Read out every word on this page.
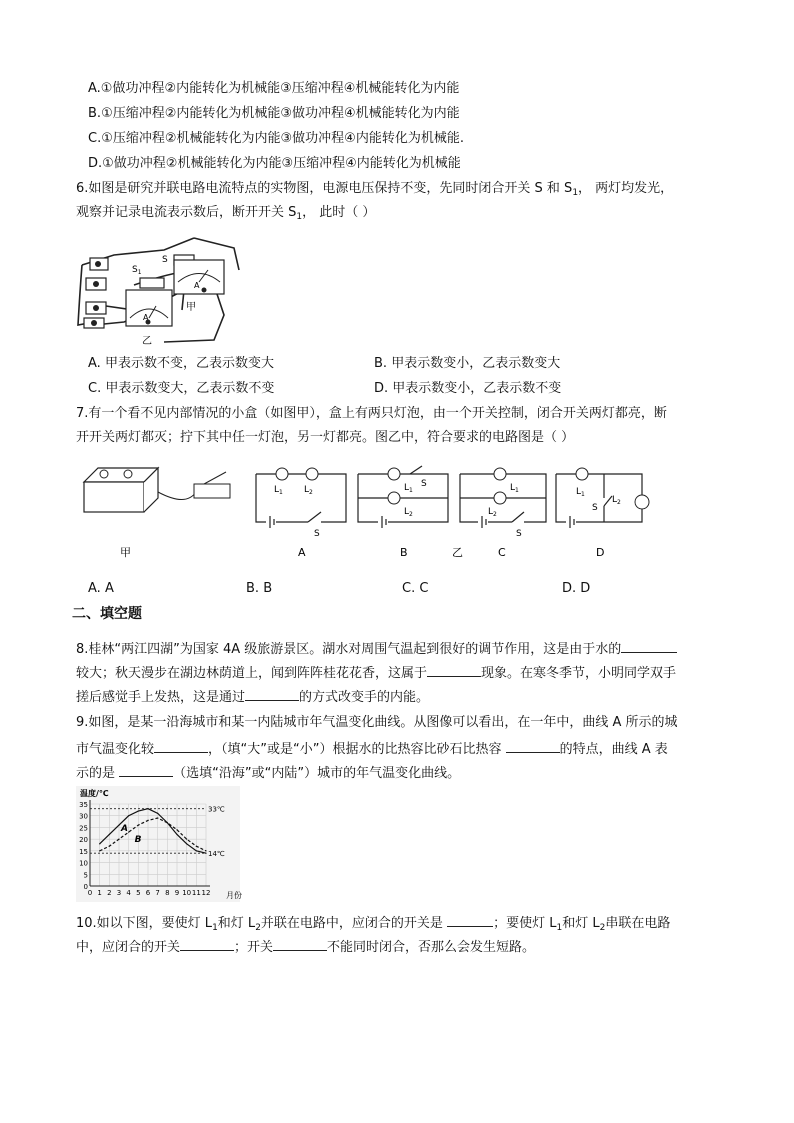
A.①做功冲程②内能转化为机械能③压缩冲程④机械能转化为内能
B.①压缩冲程②内能转化为机械能③做功冲程④机械能转化为内能
C.①压缩冲程②机械能转化为内能③做功冲程④内能转化为机械能.
D.①做功冲程②机械能转化为内能③压缩冲程④内能转化为机械能
6.如图是研究并联电路电流特点的实物图，电源电压保持不变，先同时闭合开关 S 和 $S_1$， 两灯均发光，
观察并记录电流表示数后，断开开关 $S_1$， 此时（ ）
$S_1$
S
A
A
甲
乙
A. 甲表示数不变，乙表示数变大	B. 甲表示数变小，乙表示数变大
C. 甲表示数变大，乙表示数不变	D. 甲表示数变小，乙表示数不变
7.有一个看不见内部情况的小盒（如图甲），盒上有两只灯泡，由一个开关控制，闭合开关两灯都亮，断
开开关两灯都灭；拧下其中任一灯泡，另一灯都亮。图乙中，符合要求的电路图是（ ）
甲
$L_1$ $L_2$
S
A
$L_1$
S
$L_2$
B	乙
$L_1$
$L_2$
S
C
$L_1$
S
$L_2$
D
A. A	B. B	C. C	D. D
二、填空题
8.桂林“两江四湖”为国家 4A 级旅游景区。湖水对周围气温起到很好的调节作用，这是由于水的
较大；秋天漫步在湖边林荫道上，闻到阵阵桂花花香，这属于	现象。在寒冬季节，小明同学双手
搓后感觉手上发热，这是通过	的方式改变手的内能。
9.如图，是某一沿海城市和某一内陆城市年气温变化曲线。从图像可以看出，在一年中，曲线 A 所示的城
市气温变化较	，（填“大”或是“小”）根据水的比热容比砂石比热容	的特点，曲线 A 表
示的是	（选填“沿海”或“内陆”）城市的年气温变化曲线。
温度/℃
月份
0
5
10
15
20
25
30
35
0 1 2 3 4 5 6 7 8 9 10 11 12
33℃
14℃
A
B
10.如以下图，要使灯 $L_1$和灯 $L_2$并联在电路中，应闭合的开关是	；要使灯 $L_1$和灯 $L_2$串联在电路
中，应闭合的开关	；开关	不能同时闭合，否那么会发生短路。
